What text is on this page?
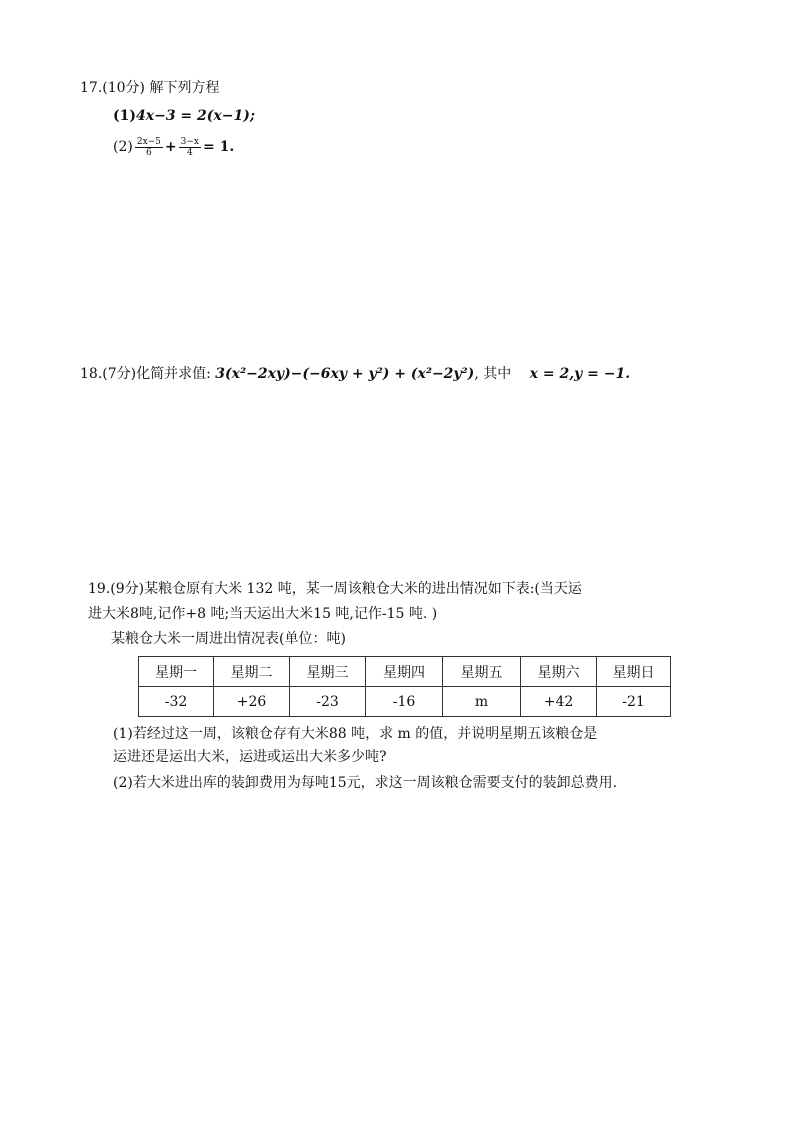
17.(10分) 解下列方程
(1)4x−3 = 2(x−1);
$(2) \frac{2x-5}{6} + \frac{3-x}{4} = 1$.
18.(7分)化简并求值: 3(x²−2xy)−(−6xy + y²) + (x²−2y²), 其中 x = 2,y = −1.
19.(9分)某粮仓原有大米 132 吨，某一周该粮仓大米的进出情况如下表:(当天运
进大米8吨,记作+8 吨;当天运出大米15 吨,记作-15 吨. )
某粮仓大米一周进出情况表(单位：吨)
星期一	星期二	星期三	星期四	星期五	星期六	星期日
-32	+26	-23	-16	m	+42	-21
(1)若经过这一周，该粮仓存有大米88 吨，求 m 的值，并说明星期五该粮仓是
运进还是运出大米，运进或运出大米多少吨?
(2)若大米进出库的装卸费用为每吨15元，求这一周该粮仓需要支付的装卸总费用.
